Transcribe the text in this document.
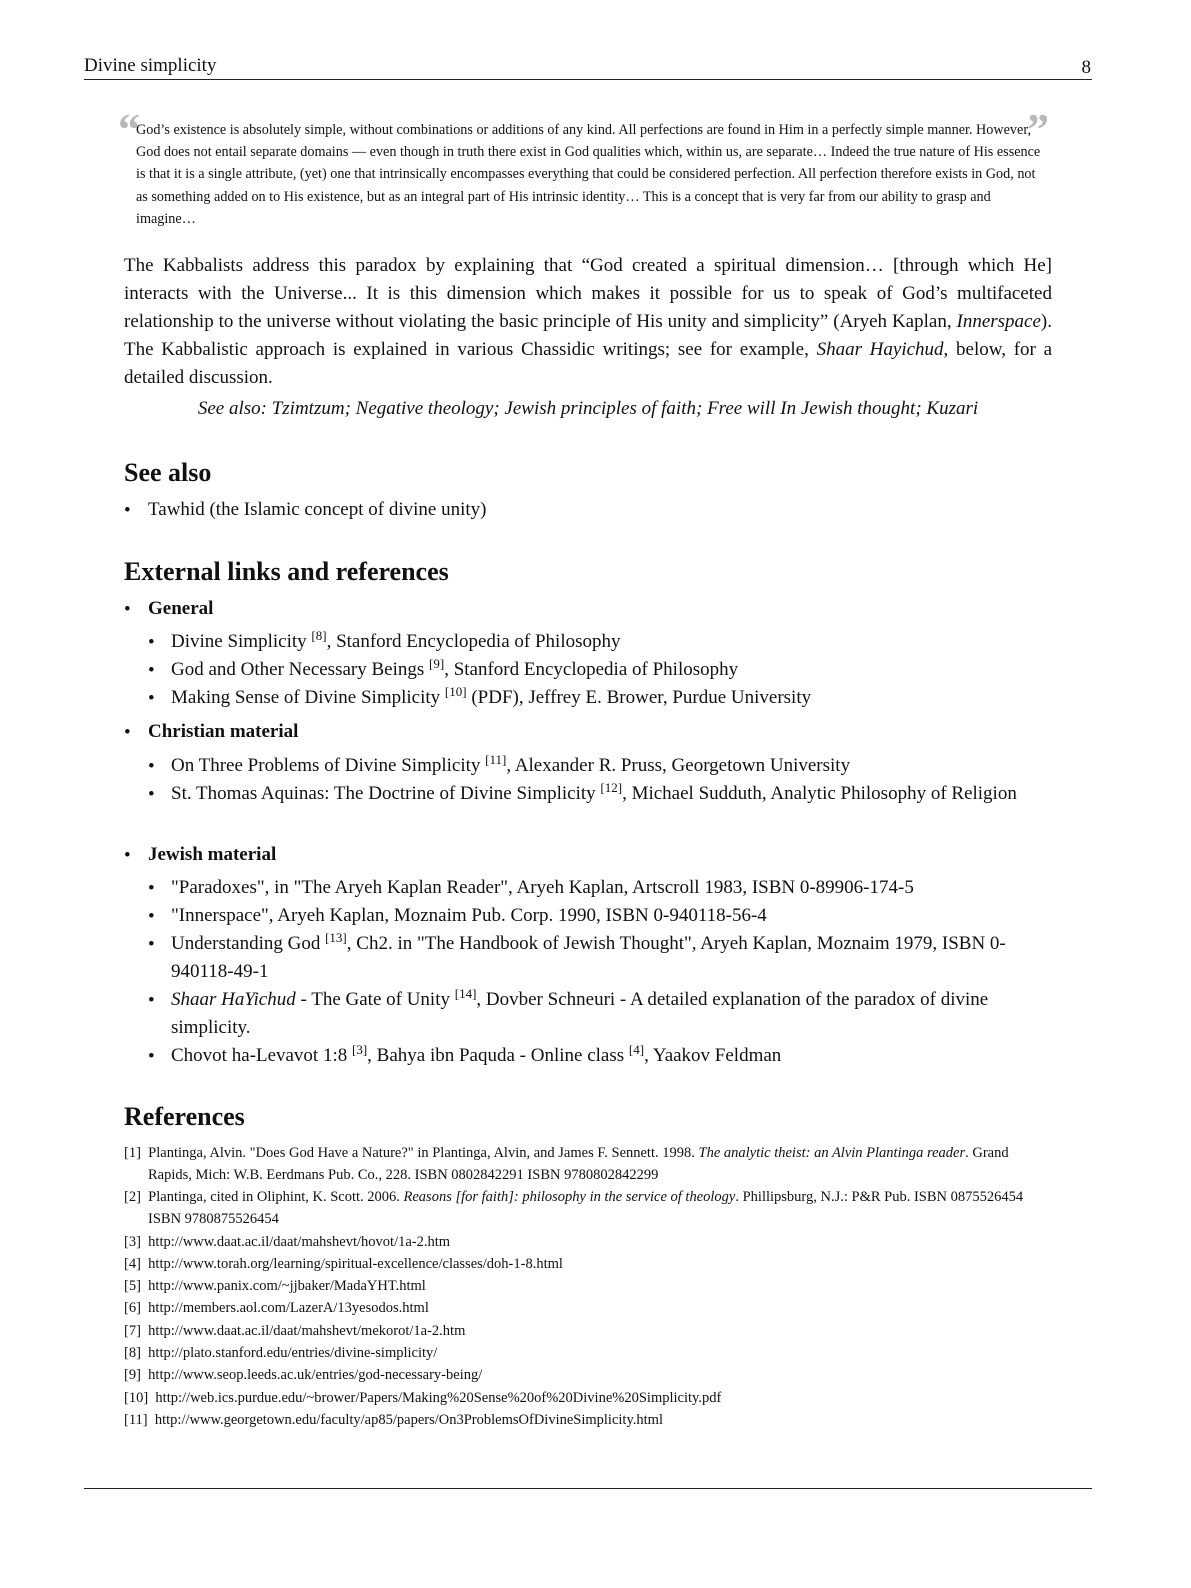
Divine simplicity	8
“	”
God’s existence is absolutely simple, without combinations or additions of any kind. All perfections are found in Him in a perfectly simple manner. However, God does not entail separate domains — even though in truth there exist in God qualities which, within us, are separate… Indeed the true nature of His essence is that it is a single attribute, (yet) one that intrinsically encompasses everything that could be considered perfection. All perfection therefore exists in God, not as something added on to His existence, but as an integral part of His intrinsic identity… This is a concept that is very far from our ability to grasp and imagine…
The Kabbalists address this paradox by explaining that “God created a spiritual dimension… [through which He] interacts with the Universe... It is this dimension which makes it possible for us to speak of God’s multifaceted relationship to the universe without violating the basic principle of His unity and simplicity” (Aryeh Kaplan, Innerspace). The Kabbalistic approach is explained in various Chassidic writings; see for example, Shaar Hayichud, below, for a detailed discussion.
See also: Tzimtzum; Negative theology; Jewish principles of faith; Free will In Jewish thought; Kuzari
See also
• Tawhid (the Islamic concept of divine unity)
External links and references
• General
• Divine Simplicity [8], Stanford Encyclopedia of Philosophy
• God and Other Necessary Beings [9], Stanford Encyclopedia of Philosophy
• Making Sense of Divine Simplicity [10] (PDF), Jeffrey E. Brower, Purdue University
• Christian material
• On Three Problems of Divine Simplicity [11], Alexander R. Pruss, Georgetown University
• St. Thomas Aquinas: The Doctrine of Divine Simplicity [12], Michael Sudduth, Analytic Philosophy of Religion
• Jewish material
• "Paradoxes", in "The Aryeh Kaplan Reader", Aryeh Kaplan, Artscroll 1983, ISBN 0-89906-174-5
• "Innerspace", Aryeh Kaplan, Moznaim Pub. Corp. 1990, ISBN 0-940118-56-4
• Understanding God [13], Ch2. in "The Handbook of Jewish Thought", Aryeh Kaplan, Moznaim 1979, ISBN 0-940118-49-1
• Shaar HaYichud - The Gate of Unity [14], Dovber Schneuri - A detailed explanation of the paradox of divine simplicity.
• Chovot ha-Levavot 1:8 [3], Bahya ibn Paquda - Online class [4], Yaakov Feldman
References
[1] Plantinga, Alvin. "Does God Have a Nature?" in Plantinga, Alvin, and James F. Sennett. 1998. The analytic theist: an Alvin Plantinga reader. Grand Rapids, Mich: W.B. Eerdmans Pub. Co., 228. ISBN 0802842291 ISBN 9780802842299
[2] Plantinga, cited in Oliphint, K. Scott. 2006. Reasons [for faith]: philosophy in the service of theology. Phillipsburg, N.J.: P&R Pub. ISBN 0875526454 ISBN 9780875526454
[3] http://www.daat.ac.il/daat/mahshevt/hovot/1a-2.htm
[4] http://www.torah.org/learning/spiritual-excellence/classes/doh-1-8.html
[5] http://www.panix.com/~jjbaker/MadaYHT.html
[6] http://members.aol.com/LazerA/13yesodos.html
[7] http://www.daat.ac.il/daat/mahshevt/mekorot/1a-2.htm
[8] http://plato.stanford.edu/entries/divine-simplicity/
[9] http://www.seop.leeds.ac.uk/entries/god-necessary-being/
[10] http://web.ics.purdue.edu/~brower/Papers/Making%20Sense%20of%20Divine%20Simplicity.pdf
[11] http://www.georgetown.edu/faculty/ap85/papers/On3ProblemsOfDivineSimplicity.html
